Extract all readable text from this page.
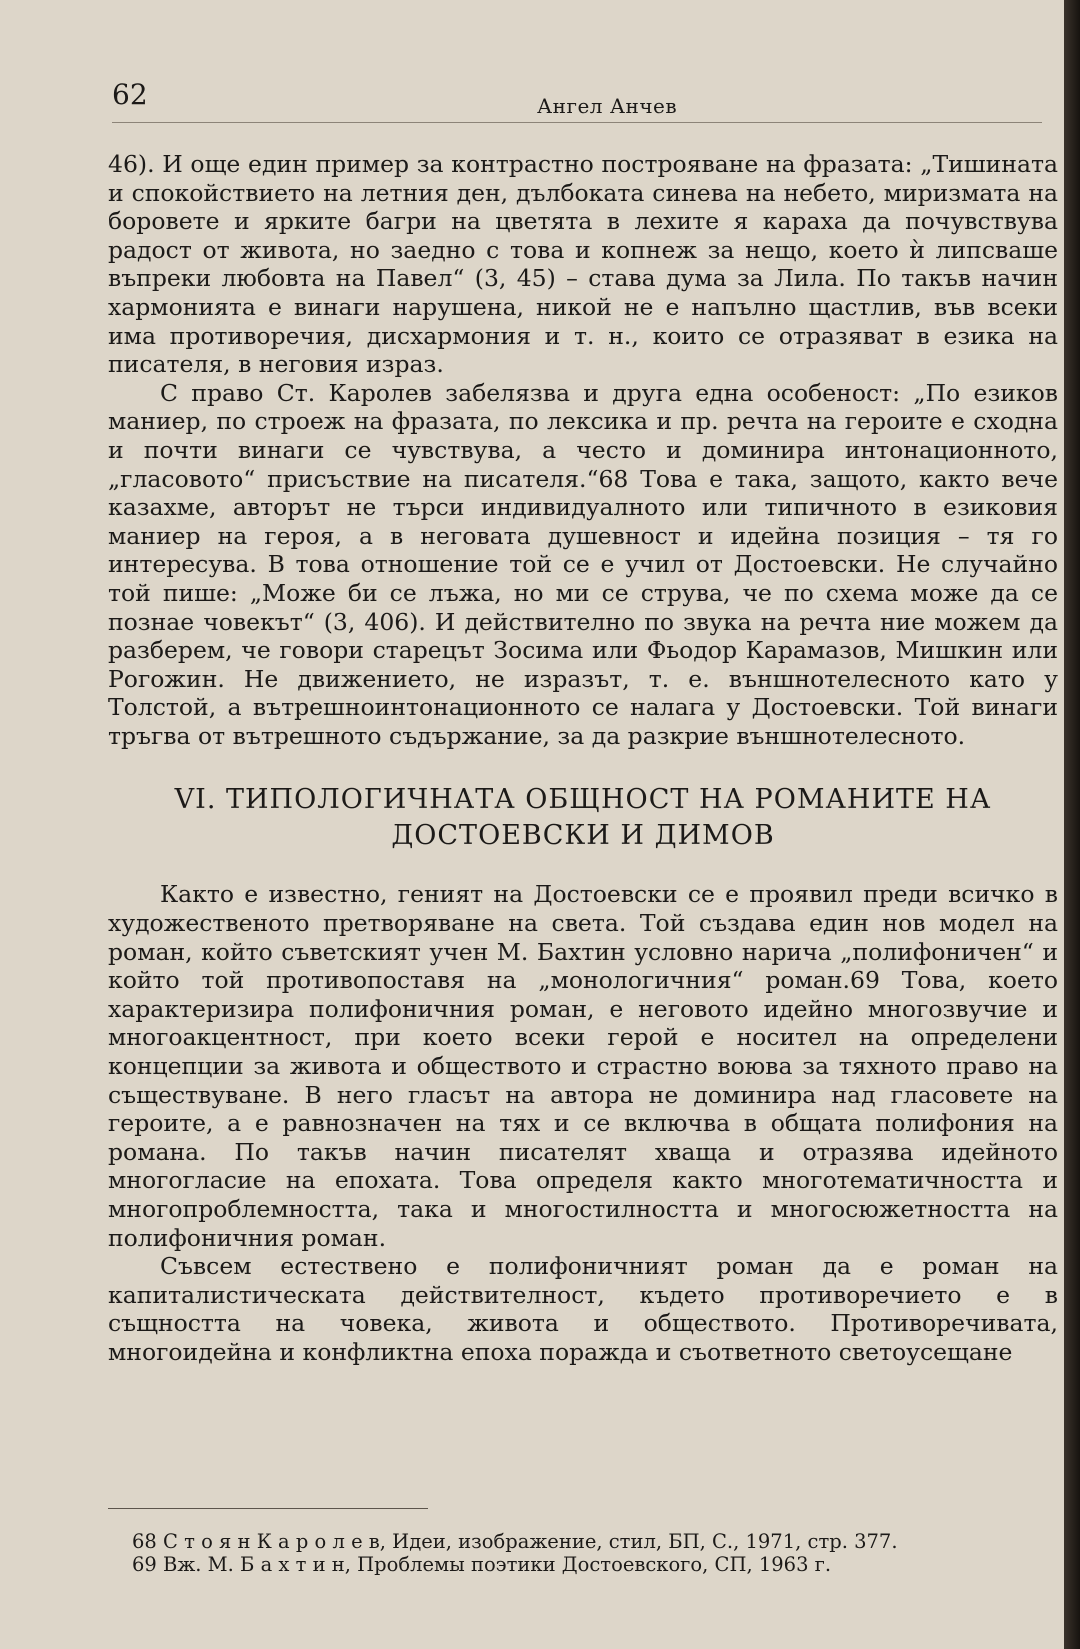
62	Ангел Анчев

46). И още един пример за контрастно построяване на фразата: „Тишината и спокойствието на летния ден, дълбоката синева на небето, миризмата на боровете и ярките багри на цветята в лехите я караха да почувствува радост от живота, но заедно с това и копнеж за нещо, което ѝ липсваше въпреки любовта на Павел“ (3, 45) – става дума за Лила. По такъв начин хармонията е винаги нарушена, никой не е напълно щастлив, във всеки има противоречия, дисхармония и т. н., които се отразяват в езика на писателя, в неговия израз.

С право Ст. Каролев забелязва и друга една особеност: „По езиков маниер, по строеж на фразата, по лексика и пр. речта на героите е сходна и почти винаги се чувствува, а често и доминира интонационното, „гласовото“ присъствие на писателя.“68 Това е така, защото, както вече казахме, авторът не търси индивидуалното или типичното в езиковия маниер на героя, а в неговата душевност и идейна позиция – тя го интересува. В това отношение той се е учил от Достоевски. Не случайно той пише: „Може би се лъжа, но ми се струва, че по схема може да се познае човекът“ (3, 406). И действително по звука на речта ние можем да разберем, че говори старецът Зосима или Фьодор Карамазов, Мишкин или Рогожин. Не движението, не изразът, т. е. външнотелесното като у Толстой, а вътрешноинтонационното се налага у Достоевски. Той винаги тръгва от вътрешното съдържание, за да разкрие външнотелесното.

VI. ТИПОЛОГИЧНАТА ОБЩНОСТ НА РОМАНИТЕ НА
ДОСТОЕВСКИ И ДИМОВ

Както е известно, геният на Достоевски се е проявил преди всичко в художественото претворяване на света. Той създава един нов модел на роман, който съветският учен М. Бахтин условно нарича „полифоничен“ и който той противопоставя на „монологичния“ роман.69 Това, което характеризира полифоничния роман, е неговото идейно многозвучие и многоакцентност, при което всеки герой е носител на определени концепции за живота и обществото и страстно воюва за тяхното право на съществуване. В него гласът на автора не доминира над гласовете на героите, а е равнозначен на тях и се включва в общата полифония на романа. По такъв начин писателят хваща и отразява идейното многогласие на епохата. Това определя както многотематичността и многопроблемността, така и многостилността и многосюжетността на полифоничния роман.

Съвсем естествено е полифоничният роман да е роман на капиталистическата действителност, където противоречието е в същността на човека, живота и обществото. Противоречивата, многоидейна и конфликтна епоха поражда и съответното светоусещане

68 С т о я н К а р о л е в, Идеи, изображение, стил, БП, С., 1971, стр. 377.

69 Вж. М. Б а х т и н, Проблемы поэтики Достоевского, СП, 1963 г.
